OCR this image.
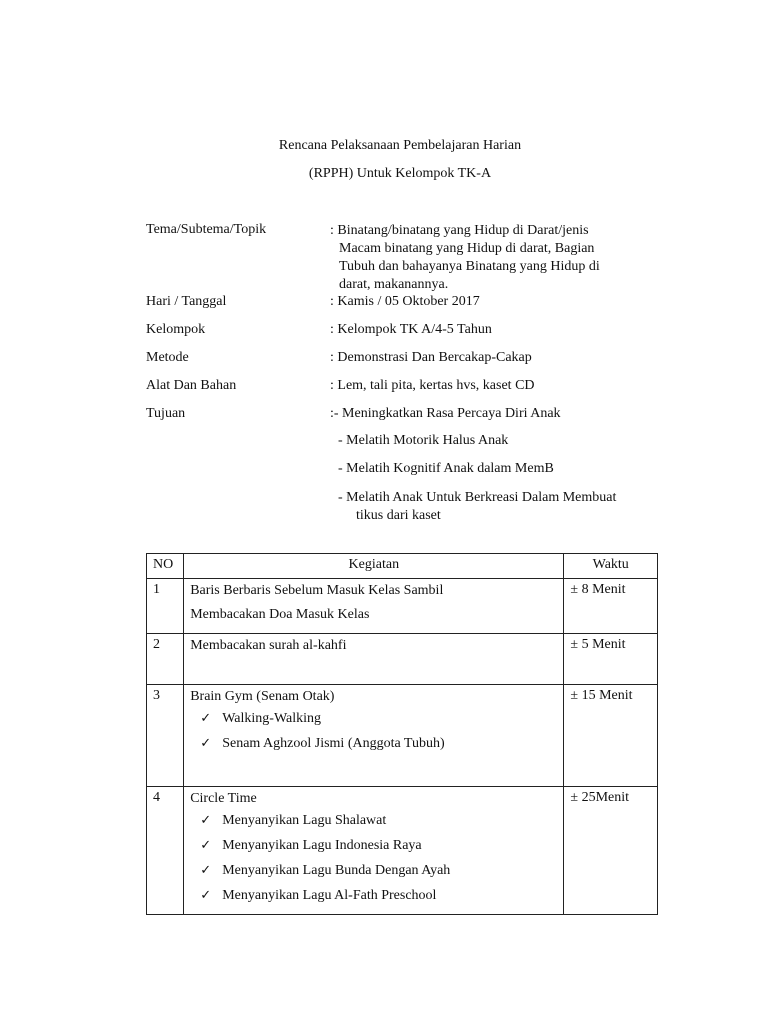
Rencana Pelaksanaan Pembelajaran Harian
(RPPH) Untuk Kelompok TK-A
Tema/Subtema/Topik	: Binatang/binatang yang Hidup di Darat/jenis
Macam binatang yang Hidup di darat, Bagian
Tubuh dan bahayanya Binatang yang Hidup di
darat, makanannya.
Hari / Tanggal	: Kamis / 05 Oktober 2017
Kelompok	: Kelompok TK A/4-5 Tahun
Metode	: Demonstrasi Dan Bercakap-Cakap
Alat Dan Bahan	: Lem, tali pita, kertas hvs, kaset CD
Tujuan	:- Meningkatkan Rasa Percaya Diri Anak
- Melatih Motorik Halus Anak
- Melatih Kognitif Anak dalam MemB
- Melatih Anak Untuk Berkreasi Dalam Membuat
tikus dari kaset
NO	Kegiatan	Waktu
1	Baris Berbaris Sebelum Masuk Kelas Sambil
Membacakan Doa Masuk Kelas	± 8 Menit
2	Membacakan surah al-kahfi	± 5 Menit
3	Brain Gym (Senam Otak)
✓ Walking-Walking
✓ Senam Aghzool Jismi (Anggota Tubuh)	± 15 Menit
4	Circle Time
✓ Menyanyikan Lagu Shalawat
✓ Menyanyikan Lagu Indonesia Raya
✓ Menyanyikan Lagu Bunda Dengan Ayah
✓ Menyanyikan Lagu Al-Fath Preschool	± 25Menit
